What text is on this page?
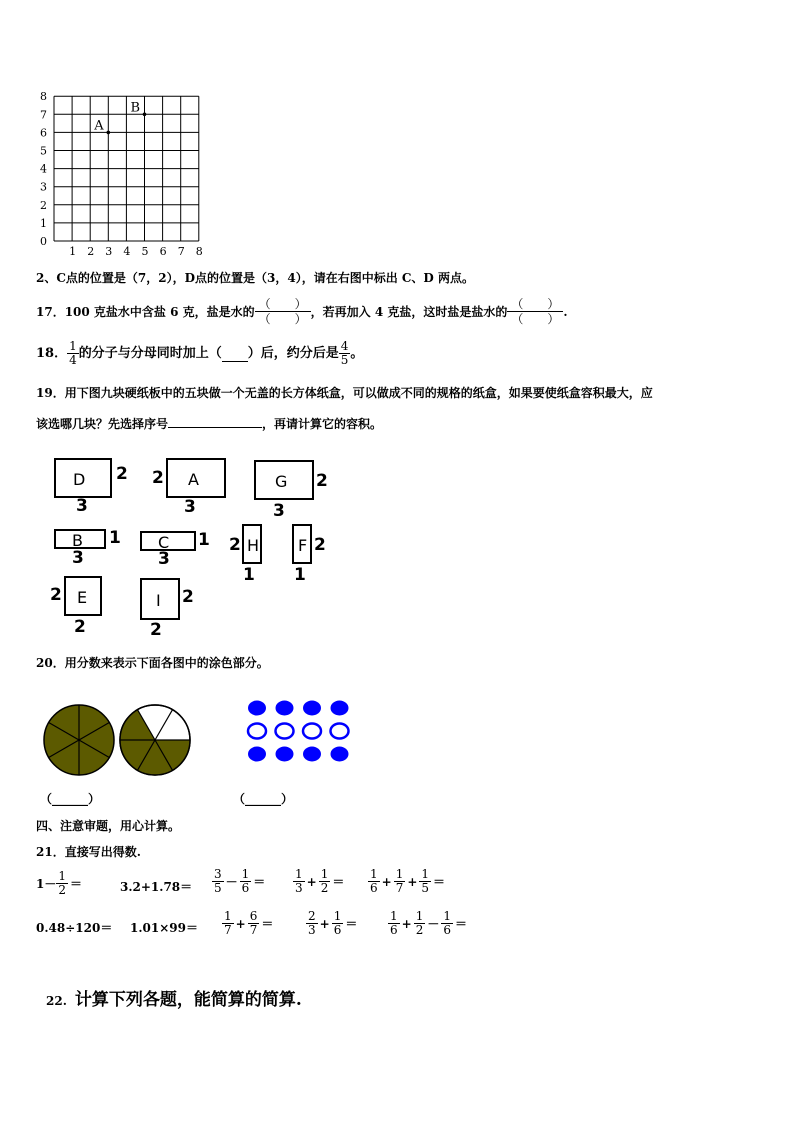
0
1
2
3
4
5
6
7
8
1 2 3 4 5 6 7 8
A
B
2、C点的位置是（7，2），D点的位置是（3，4），请在右图中标出 C、D 两点。
17．100 克盐水中含盐 6 克，盐是水的 $\frac{( )}{( )}$ ，若再加入 4 克盐，这时盐是盐水的 $\frac{( )}{( )}$ .
18． $\frac{1}{4}$ 的分子与分母同时加上（ ）后，约分后是 $\frac{4}{5}$ 。
19．用下图九块硬纸板中的五块做一个无盖的长方体纸盒，可以做成不同的规格的纸盒，如果要使纸盒容积最大，应
该选哪几块？先选择序号	，再请计算它的容积。
D 2
3
A
2
3
G 2
3
B 1
3
C 1
3
H
2
1
F 2
1
E
2
2
I 2
2
20．用分数来表示下面各图中的涂色部分。
（______）	（______）
四、注意审题，用心计算。
21．直接写出得数.
$1- \frac{1}{2}$ ＝	$3.2+1.78= \frac{3}{5} - \frac{1}{6} = \frac{1}{3} + \frac{1}{2} = \frac{1}{6} + \frac{1}{7} + \frac{1}{5}$ ＝
$0.48\div 120= 1.01\times 99= \frac{1}{7} + \frac{6}{7}$ ＝	$\frac{2}{3} + \frac{1}{6}$ ＝	$\frac{1}{6} + \frac{1}{2} - \frac{1}{6}$ ＝
22. 计算下列各题，能简算的简算.
